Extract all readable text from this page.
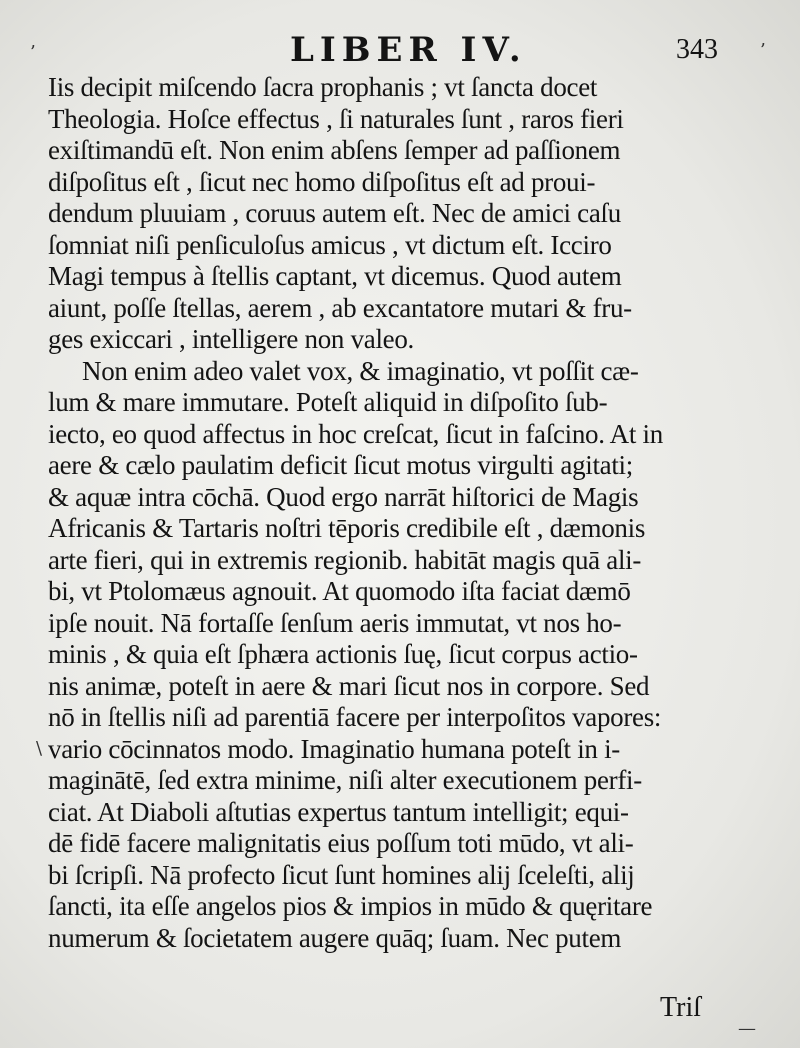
LIBER IV.	343
Iis decipit miſcendo ſacra prophanis ; vt ſancta docet
Theologia. Hoſce effectus , ſi naturales ſunt , raros fieri
exiſtimandū eſt. Non enim abſens ſemper ad paſſionem
diſpoſitus eſt , ſicut nec homo diſpoſitus eſt ad proui-
dendum pluuiam , coruus autem eſt. Nec de amici caſu
ſomniat niſi penſiculoſus amicus , vt dictum eſt. Icciro
Magi tempus à ſtellis captant, vt dicemus. Quod autem
aiunt, poſſe ſtellas, aerem , ab excantatore mutari & fru-
ges exiccari , intelligere non valeo.
Non enim adeo valet vox, & imaginatio, vt poſſit cæ-
lum & mare immutare. Poteſt aliquid in diſpoſito ſub-
iecto, eo quod affectus in hoc creſcat, ſicut in faſcino. At in
aere & cælo paulatim deficit ſicut motus virgulti agitati;
& aquæ intra cōchā. Quod ergo narrāt hiſtorici de Magis
Africanis & Tartaris noſtri tēporis credibile eſt , dæmonis
arte fieri, qui in extremis regionib. habitāt magis quā ali-
bi, vt Ptolomæus agnouit. At quomodo iſta faciat dæmō
ipſe nouit. Nā fortaſſe ſenſum aeris immutat, vt nos ho-
minis , & quia eſt ſphæra actionis ſuę, ſicut corpus actio-
nis animæ, poteſt in aere & mari ſicut nos in corpore. Sed
nō in ſtellis niſi ad parentiā facere per interpoſitos vapores:
vario cōcinnatos modo. Imaginatio humana poteſt in i-
maginātē, ſed extra minime, niſi alter executionem perfi-
ciat. At Diaboli aſtutias expertus tantum intelligit; equi-
dē fidē facere malignitatis eius poſſum toti mūdo, vt ali-
bi ſcripſi. Nā profecto ſicut ſunt homines alij ſceleſti, alij
ſancti, ita eſſe angelos pios & impios in mūdo & quęritare
numerum & ſocietatem augere quāq; ſuam. Nec putem
Triſ
’	’
\
—
